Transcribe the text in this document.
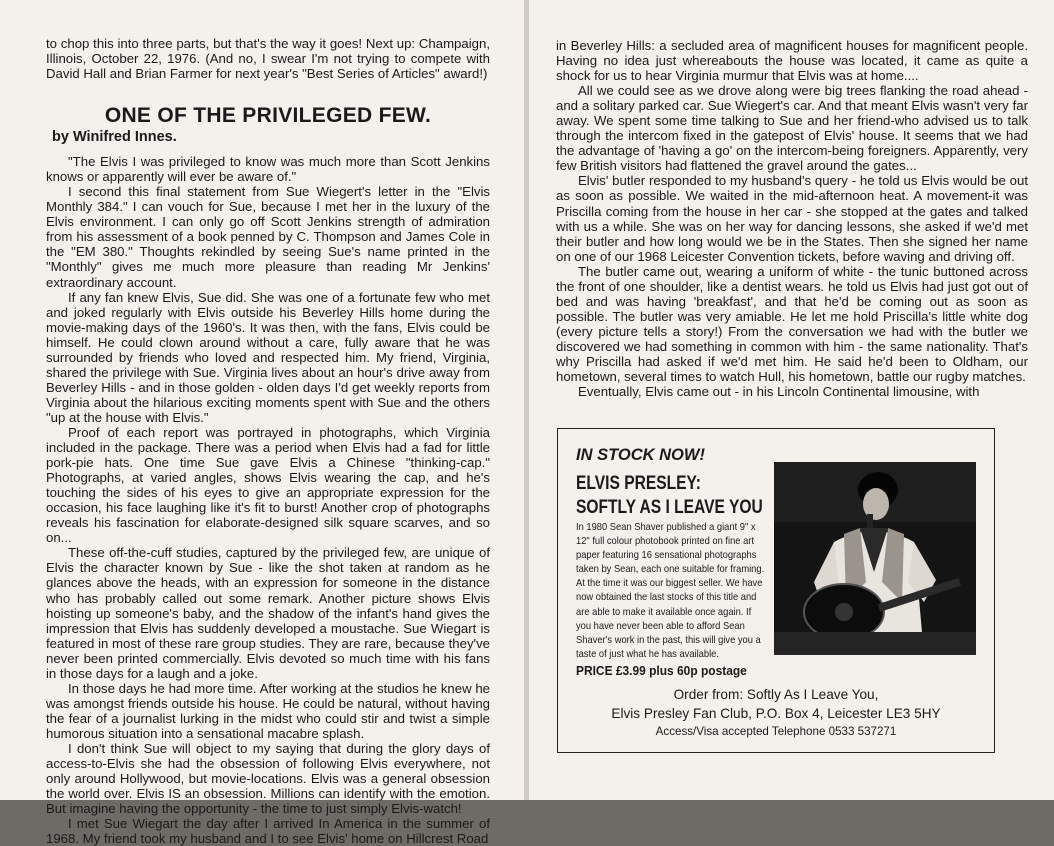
to chop this into three parts, but that's the way it goes! Next up: Champaign, Illinois, October 22, 1976. (And no, I swear I'm not trying to compete with David Hall and Brian Farmer for next year's "Best Series of Articles" award!)

ONE OF THE PRIVILEGED FEW.
by Winifred Innes.

"The Elvis I was privileged to know was much more than Scott Jenkins knows or apparently will ever be aware of."

I second this final statement from Sue Wiegert's letter in the "Elvis Monthly 384." I can vouch for Sue, because I met her in the luxury of the Elvis environment. I can only go off Scott Jenkins strength of admiration from his assessment of a book penned by C. Thompson and James Cole in the "EM 380." Thoughts rekindled by seeing Sue's name printed in the "Monthly" gives me much more pleasure than reading Mr Jenkins' extraordinary account.

If any fan knew Elvis, Sue did. She was one of a fortunate few who met and joked regularly with Elvis outside his Beverley Hills home during the movie-making days of the 1960's. It was then, with the fans, Elvis could be himself. He could clown around without a care, fully aware that he was surrounded by friends who loved and respected him. My friend, Virginia, shared the privilege with Sue. Virginia lives about an hour's drive away from Beverley Hills - and in those golden - olden days I'd get weekly reports from Virginia about the hilarious exciting moments spent with Sue and the others "up at the house with Elvis."

Proof of each report was portrayed in photographs, which Virginia included in the package. There was a period when Elvis had a fad for little pork-pie hats. One time Sue gave Elvis a Chinese "thinking-cap." Photographs, at varied angles, shows Elvis wearing the cap, and he's touching the sides of his eyes to give an appropriate expression for the occasion, his face laughing like it's fit to burst! Another crop of photographs reveals his fascination for elaborate-designed silk square scarves, and so on...

These off-the-cuff studies, captured by the privileged few, are unique of Elvis the character known by Sue - like the shot taken at random as he glances above the heads, with an expression for someone in the distance who has probably called out some remark. Another picture shows Elvis hoisting up someone's baby, and the shadow of the infant's hand gives the impression that Elvis has suddenly developed a moustache. Sue Wiegart is featured in most of these rare group studies. They are rare, because they've never been printed commercially. Elvis devoted so much time with his fans in those days for a laugh and a joke.

In those days he had more time. After working at the studios he knew he was amongst friends outside his house. He could be natural, without having the fear of a journalist lurking in the midst who could stir and twist a simple humorous situation into a sensational macabre splash.

I don't think Sue will object to my saying that during the glory days of access-to-Elvis she had the obsession of following Elvis everywhere, not only around Hollywood, but movie-locations. Elvis was a general obsession the world over. Elvis IS an obsession. Millions can identify with the emotion. But imagine having the opportunity - the time to just simply Elvis-watch!

I met Sue Wiegart the day after I arrived In America in the summer of 1968. My friend took my husband and I to see Elvis' home on Hillcrest Road

in Beverley Hills: a secluded area of magnificent houses for magnificent people. Having no idea just whereabouts the house was located, it came as quite a shock for us to hear Virginia murmur that Elvis was at home....

All we could see as we drove along were big trees flanking the road ahead - and a solitary parked car. Sue Wiegert's car. And that meant Elvis wasn't very far away. We spent some time talking to Sue and her friend-who advised us to talk through the intercom fixed in the gatepost of Elvis' house. It seems that we had the advantage of 'having a go' on the intercom-being foreigners. Apparently, very few British visitors had flattened the gravel around the gates...

Elvis' butler responded to my husband's query - he told us Elvis would be out as soon as possible. We waited in the mid-afternoon heat. A movement-it was Priscilla coming from the house in her car - she stopped at the gates and talked with us a while. She was on her way for dancing lessons, she asked if we'd met their butler and how long would we be in the States. Then she signed her name on one of our 1968 Leicester Convention tickets, before waving and driving off.

The butler came out, wearing a uniform of white - the tunic buttoned across the front of one shoulder, like a dentist wears. he told us Elvis had just got out of bed and was having 'breakfast', and that he'd be coming out as soon as possible. The butler was very amiable. He let me hold Priscilla's little white dog (every picture tells a story!) From the conversation we had with the butler we discovered we had something in common with him - the same nationality. That's why Priscilla had asked if we'd met him. He said he'd been to Oldham, our hometown, several times to watch Hull, his hometown, battle our rugby matches.

Eventually, Elvis came out - in his Lincoln Continental limousine, with

IN STOCK NOW!
ELVIS PRESLEY:
SOFTLY AS I LEAVE YOU
In 1980 Sean Shaver published a giant 9" x 12" full colour photobook printed on fine art paper featuring 16 sensational photographs taken by Sean, each one suitable for framing. At the time it was our biggest seller. We have now obtained the last stocks of this title and are able to make it available once again. If you have never been able to afford Sean Shaver's work in the past, this will give you a taste of just what he has available.
PRICE £3.99 plus 60p postage
Order from: Softly As I Leave You,
Elvis Presley Fan Club, P.O. Box 4, Leicester LE3 5HY
Access/Visa accepted Telephone 0533 537271
